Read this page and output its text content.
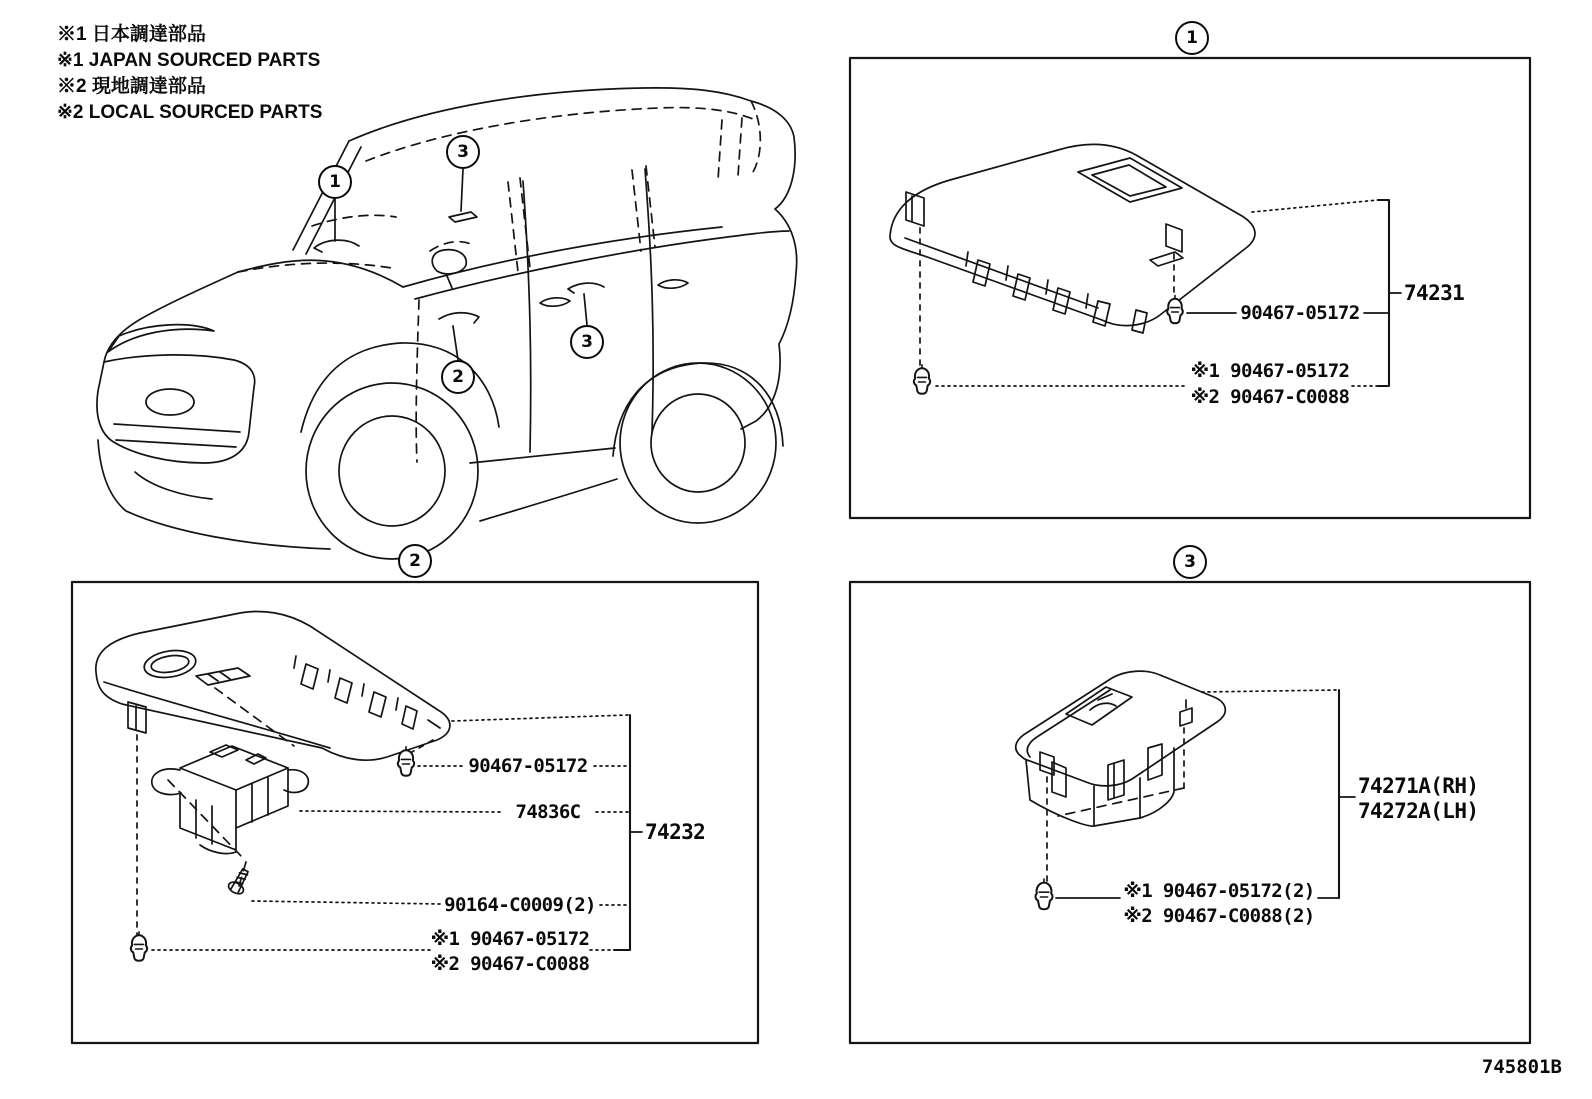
※1 日本調達部品
※1 JAPAN SOURCED PARTS
※2 現地調達部品
※2 LOCAL SOURCED PARTS
1
3
2
3
1
2	3
90467-05172
74231
※1 90467-05172
※2 90467-C0088
90467-05172
74836C
74232
90164-C0009(2)
※1 90467-05172
※2 90467-C0088
74271A(RH)
74272A(LH)
※1 90467-05172(2)
※2 90467-C0088(2)
745801B
